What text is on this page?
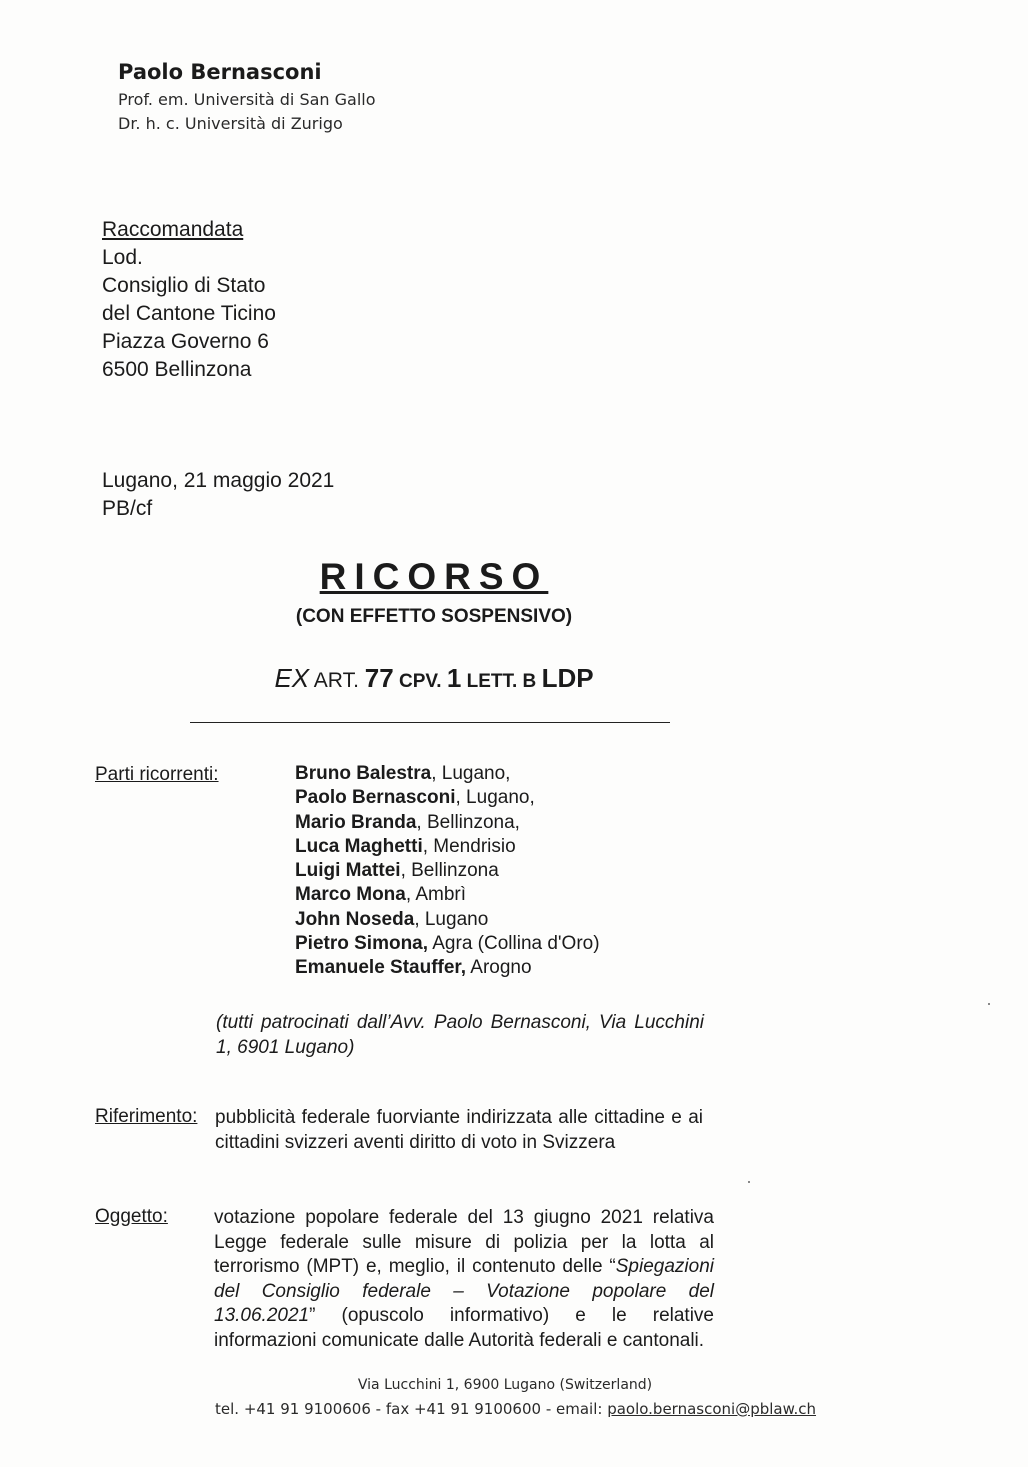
Paolo Bernasconi
Prof. em. Università di San Gallo
Dr. h. c. Università di Zurigo
Raccomandata
Lod.
Consiglio di Stato
del Cantone Ticino
Piazza Governo 6
6500 Bellinzona
Lugano, 21 maggio 2021
PB/cf
RICORSO
(CON EFFETTO SOSPENSIVO)
EX ART. 77 CPV. 1 LETT. B LDP
Parti ricorrenti:	Bruno Balestra, Lugano,
Paolo Bernasconi, Lugano,
Mario Branda, Bellinzona,
Luca Maghetti, Mendrisio
Luigi Mattei, Bellinzona
Marco Mona, Ambrì
John Noseda, Lugano
Pietro Simona, Agra (Collina d'Oro)
Emanuele Stauffer, Arogno
(tutti patrocinati dall’Avv. Paolo Bernasconi, Via Lucchini 1, 6901 Lugano)
Riferimento: pubblicità federale fuorviante indirizzata alle cittadine e ai cittadini svizzeri aventi diritto di voto in Svizzera
Oggetto: votazione popolare federale del 13 giugno 2021 relativa Legge federale sulle misure di polizia per la lotta al terrorismo (MPT) e, meglio, il contenuto delle “Spiegazioni del Consiglio federale – Votazione popolare del 13.06.2021” (opuscolo informativo) e le relative informazioni comunicate dalle Autorità federali e cantonali.
Via Lucchini 1, 6900 Lugano (Switzerland)
tel. +41 91 9100606 - fax +41 91 9100600 - email: paolo.bernasconi@pblaw.ch
